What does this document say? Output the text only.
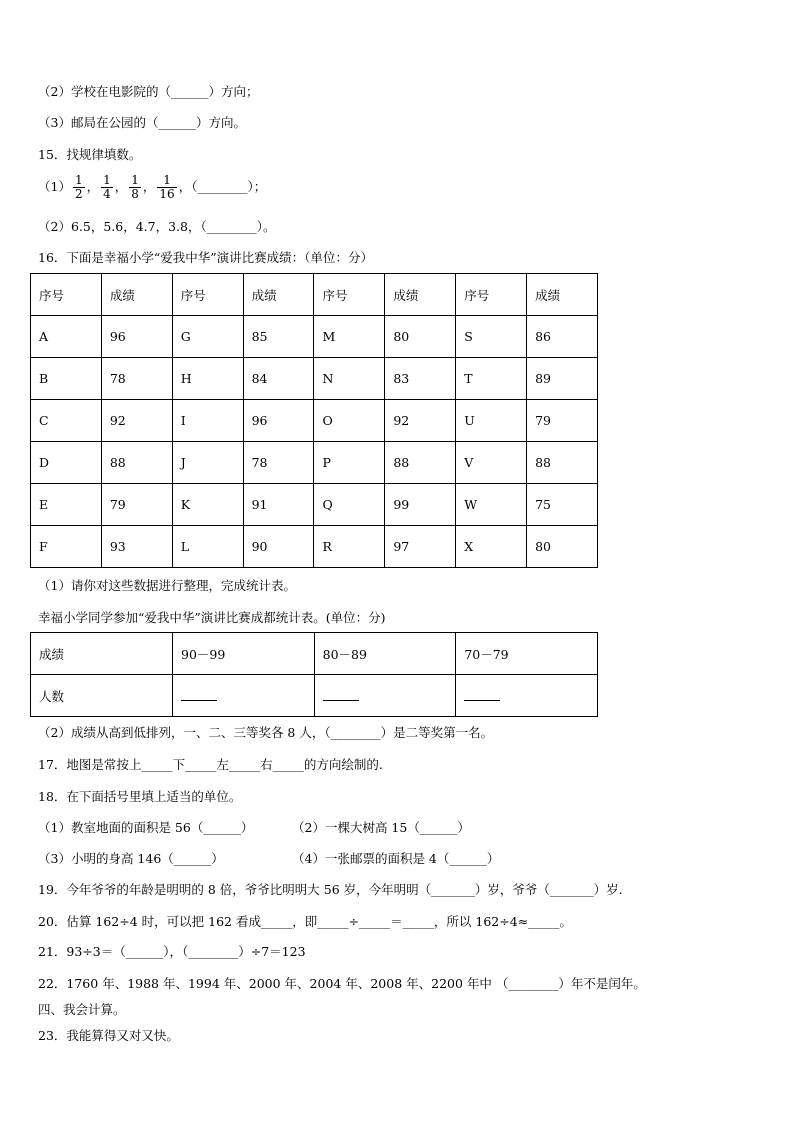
（2）学校在电影院的（______）方向；
（3）邮局在公园的（______）方向。
15．找规律填数。
$(1) \frac{1}{2}$ ， $\frac{1}{4}$ ， $\frac{1}{8}$ ， $\frac{1}{16}$ ，（________）；
（2）6.5，5.6，4.7，3.8，（________）。
16．下面是幸福小学“爱我中华”演讲比赛成绩：（单位：分）
序号	成绩	序号	成绩	序号	成绩	序号	成绩
A	96	G	85	M	80	S	86
B	78	H	84	N	83	T	89
C	92	I	96	O	92	U	79
D	88	J	78	P	88	V	88
E	79	K	91	Q	99	W	75
F	93	L	90	R	97	X	80
（1）请你对这些数据进行整理，完成统计表。
幸福小学同学参加“爱我中华”演讲比赛成都统计表。(单位：分)
成绩	90－99	80－89	70－79
人数			
（2）成绩从高到低排列，一、二、三等奖各 8 人，（________）是二等奖第一名。
17．地图是常按上_____下_____左_____右_____的方向绘制的.
18．在下面括号里填上适当的单位。
（1）教室地面的面积是 56（______）	（2）一棵大树高 15（______）
（3）小明的身高 146（______）	（4）一张邮票的面积是 4（______）
19．今年爷爷的年龄是明明的 8 倍，爷爷比明明大 56 岁，今年明明（_______）岁，爷爷（_______）岁.
20．估算 162÷4 时，可以把 162 看成_____，即_____÷_____＝_____，所以 162÷4≈_____。
21．93÷3＝（______），（________）÷7＝123
22．1760 年、1988 年、1994 年、2000 年、2004 年、2008 年、2200 年中 （________）年不是闰年。
四、我会计算。
23．我能算得又对又快。
